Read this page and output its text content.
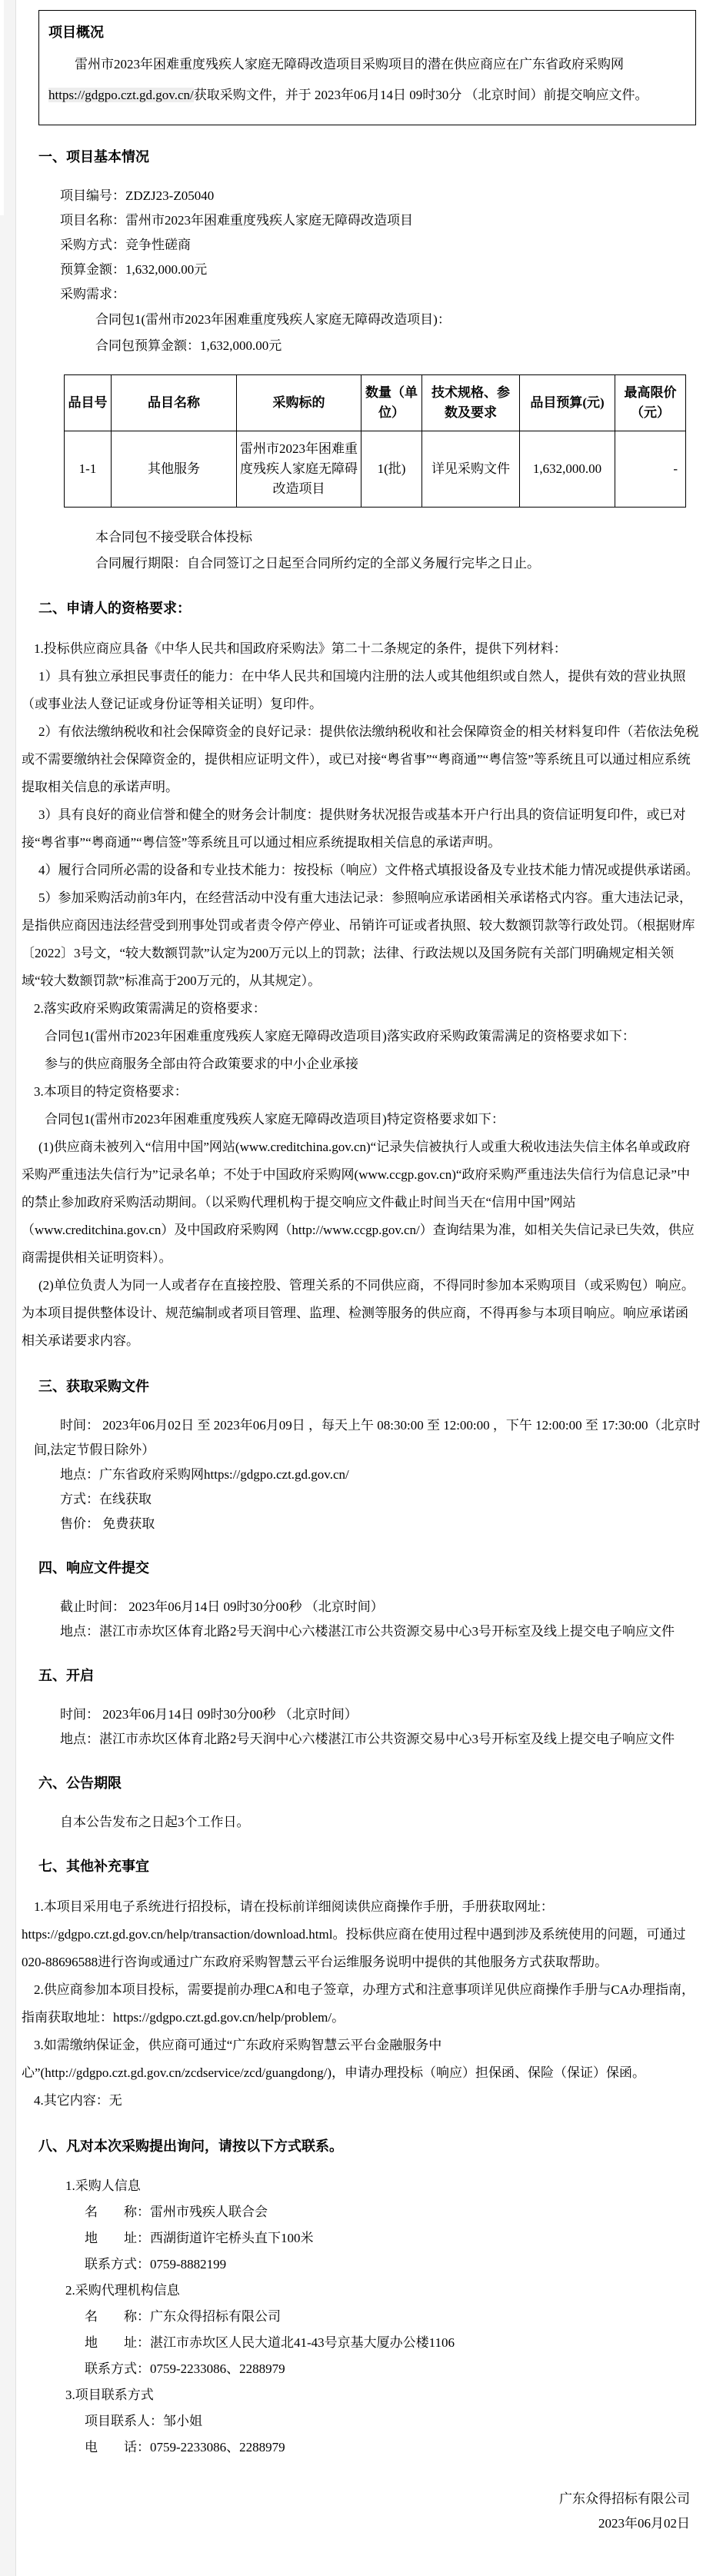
项目概况

雷州市2023年困难重度残疾人家庭无障碍改造项目采购项目的潜在供应商应在广东省政府采购网https://gdgpo.czt.gd.gov.cn/获取采购文件，并于 2023年06月14日 09时30分 （北京时间）前提交响应文件。

一、项目基本情况

项目编号：ZDZJ23-Z05040

项目名称：雷州市2023年困难重度残疾人家庭无障碍改造项目

采购方式：竞争性磋商

预算金额：1,632,000.00元

采购需求：

合同包1(雷州市2023年困难重度残疾人家庭无障碍改造项目)：

合同包预算金额：1,632,000.00元

品目号	品目名称	采购标的	数量（单位）	技术规格、参数及要求	品目预算(元)	最高限价（元）
1-1	其他服务	雷州市2023年困难重度残疾人家庭无障碍改造项目	1(批)	详见采购文件	1,632,000.00	-

本合同包不接受联合体投标

合同履行期限：自合同签订之日起至合同所约定的全部义务履行完毕之日止。

二、申请人的资格要求：

1.投标供应商应具备《中华人民共和国政府采购法》第二十二条规定的条件，提供下列材料：

1）具有独立承担民事责任的能力：在中华人民共和国境内注册的法人或其他组织或自然人，提供有效的营业执照（或事业法人登记证或身份证等相关证明）复印件。

2）有依法缴纳税收和社会保障资金的良好记录：提供依法缴纳税收和社会保障资金的相关材料复印件（若依法免税或不需要缴纳社会保障资金的，提供相应证明文件），或已对接“粤省事”“粤商通”“粤信签”等系统且可以通过相应系统提取相关信息的承诺声明。

3）具有良好的商业信誉和健全的财务会计制度：提供财务状况报告或基本开户行出具的资信证明复印件，或已对接“粤省事”“粤商通”“粤信签”等系统且可以通过相应系统提取相关信息的承诺声明。

4）履行合同所必需的设备和专业技术能力：按投标（响应）文件格式填报设备及专业技术能力情况或提供承诺函。

5）参加采购活动前3年内，在经营活动中没有重大违法记录：参照响应承诺函相关承诺格式内容。重大违法记录，是指供应商因违法经营受到刑事处罚或者责令停产停业、吊销许可证或者执照、较大数额罚款等行政处罚。（根据财库〔2022〕3号文，“较大数额罚款”认定为200万元以上的罚款；法律、行政法规以及国务院有关部门明确规定相关领域“较大数额罚款”标准高于200万元的，从其规定）。

2.落实政府采购政策需满足的资格要求：

合同包1(雷州市2023年困难重度残疾人家庭无障碍改造项目)落实政府采购政策需满足的资格要求如下：

参与的供应商服务全部由符合政策要求的中小企业承接

3.本项目的特定资格要求：

合同包1(雷州市2023年困难重度残疾人家庭无障碍改造项目)特定资格要求如下：

(1)供应商未被列入“信用中国”网站(www.creditchina.gov.cn)“记录失信被执行人或重大税收违法失信主体名单或政府采购严重违法失信行为”记录名单；不处于中国政府采购网(www.ccgp.gov.cn)“政府采购严重违法失信行为信息记录”中的禁止参加政府采购活动期间。（以采购代理机构于提交响应文件截止时间当天在“信用中国”网站（www.creditchina.gov.cn）及中国政府采购网（http://www.ccgp.gov.cn/）查询结果为准，如相关失信记录已失效，供应商需提供相关证明资料）。

(2)单位负责人为同一人或者存在直接控股、管理关系的不同供应商，不得同时参加本采购项目（或采购包）响应。为本项目提供整体设计、规范编制或者项目管理、监理、检测等服务的供应商，不得再参与本项目响应。响应承诺函相关承诺要求内容。

三、获取采购文件

时间： 2023年06月02日 至 2023年06月09日 ，每天上午 08:30:00 至 12:00:00 ，下午 12:00:00 至 17:30:00（北京时间,法定节假日除外）

地点：广东省政府采购网https://gdgpo.czt.gd.gov.cn/

方式：在线获取

售价： 免费获取

四、响应文件提交

截止时间： 2023年06月14日 09时30分00秒 （北京时间）

地点：湛江市赤坎区体育北路2号天润中心六楼湛江市公共资源交易中心3号开标室及线上提交电子响应文件

五、开启

时间： 2023年06月14日 09时30分00秒 （北京时间）

地点：湛江市赤坎区体育北路2号天润中心六楼湛江市公共资源交易中心3号开标室及线上提交电子响应文件

六、公告期限

自本公告发布之日起3个工作日。

七、其他补充事宜

1.本项目采用电子系统进行招投标，请在投标前详细阅读供应商操作手册，手册获取网址：https://gdgpo.czt.gd.gov.cn/help/transaction/download.html。投标供应商在使用过程中遇到涉及系统使用的问题，可通过020-88696588进行咨询或通过广东政府采购智慧云平台运维服务说明中提供的其他服务方式获取帮助。

2.供应商参加本项目投标，需要提前办理CA和电子签章，办理方式和注意事项详见供应商操作手册与CA办理指南，指南获取地址：https://gdgpo.czt.gd.gov.cn/help/problem/。

3.如需缴纳保证金，供应商可通过“广东政府采购智慧云平台金融服务中心”(http://gdgpo.czt.gd.gov.cn/zcdservice/zcd/guangdong/)，申请办理投标（响应）担保函、保险（保证）保函。

4.其它内容：无

八、凡对本次采购提出询问，请按以下方式联系。

1.采购人信息

名　　称：雷州市残疾人联合会

地　　址：西湖街道许宅桥头直下100米

联系方式：0759-8882199

2.采购代理机构信息

名　　称：广东众得招标有限公司

地　　址：湛江市赤坎区人民大道北41-43号京基大厦办公楼1106

联系方式：0759-2233086、2288979

3.项目联系方式

项目联系人：邹小姐

电　　话：0759-2233086、2288979

广东众得招标有限公司

2023年06月02日
